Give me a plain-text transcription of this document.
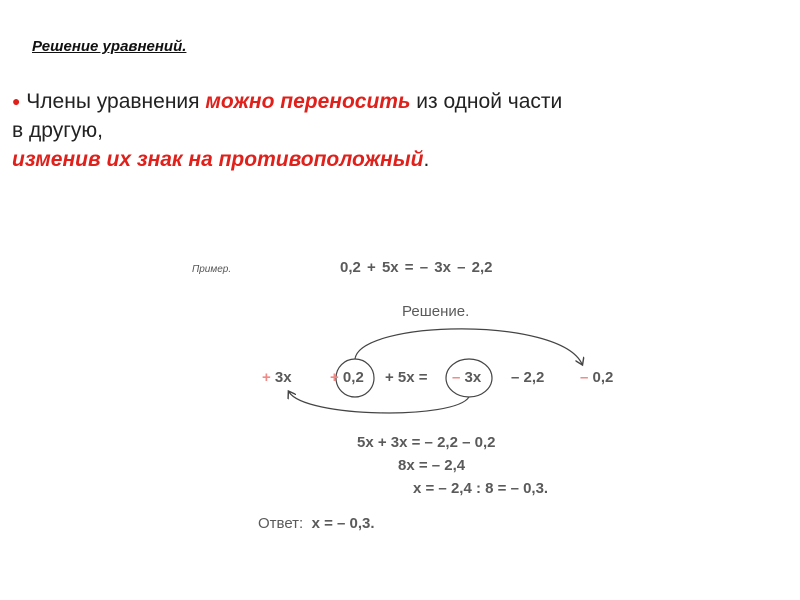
Решение уравнений.
● Члены уравнения можно переносить из одной части
в другую,
изменив их знак на противоположный.
Пример.	0,2 + 5x = – 3x – 2,2
Решение.
+ 3x	+ 0,2 + 5x = – 3x – 2,2 – 0,2
5x + 3x = – 2,2 – 0,2
8x = – 2,4
x = – 2,4 : 8 = – 0,3.
Ответ: x = – 0,3.
